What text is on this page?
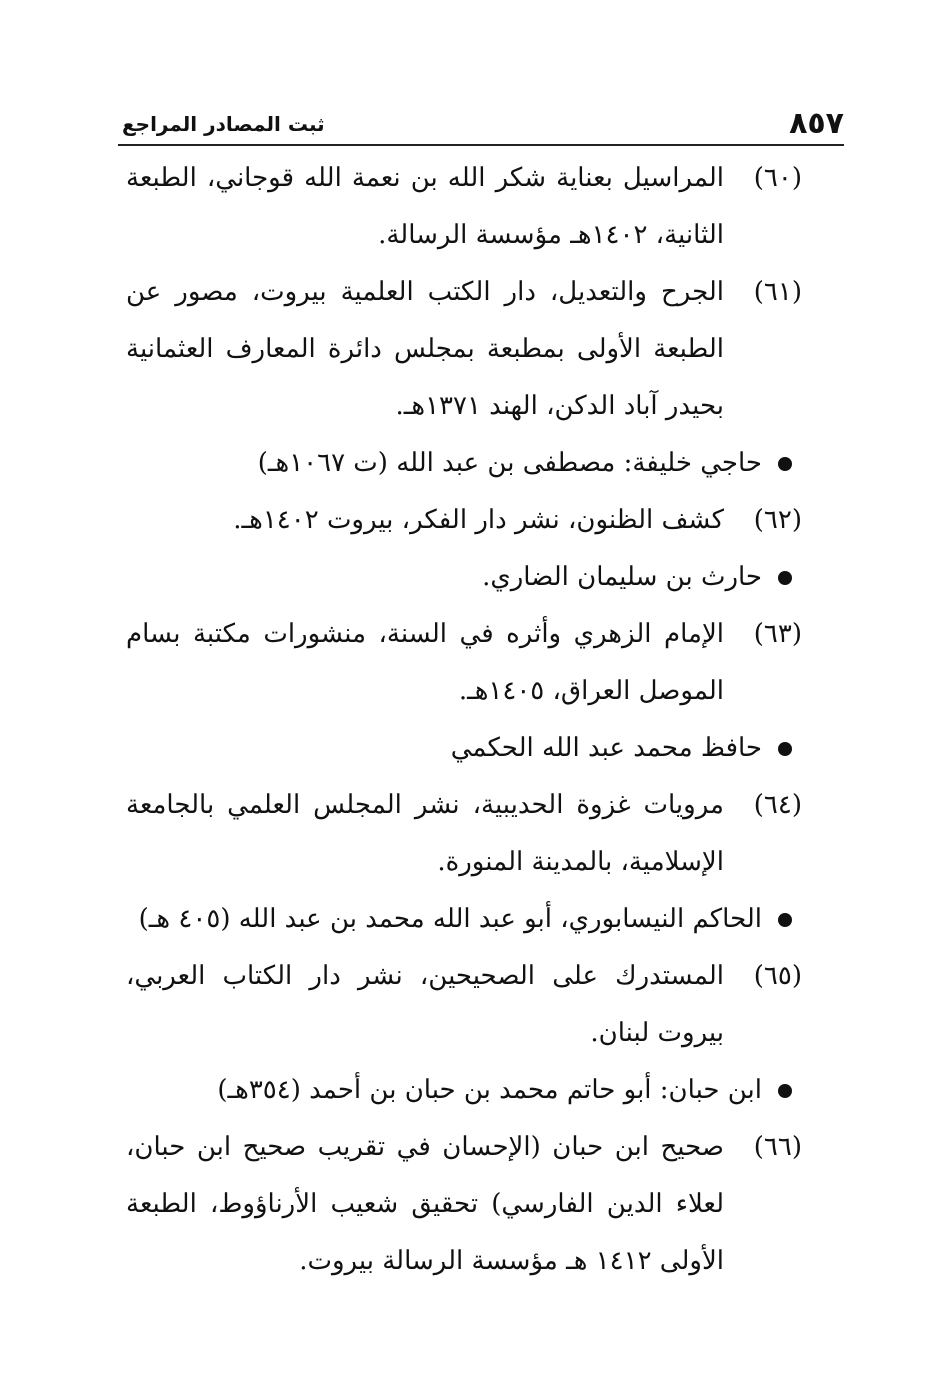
٨٥٧
ثبت المصادر المراجع
(٦٠)
المراسيل بعناية شكر الله بن نعمة الله قوجاني، الطبعة الثانية، ١٤٠٢هـ مؤسسة الرسالة.
(٦١)
الجرح والتعديل، دار الكتب العلمية بيروت، مصور عن الطبعة الأولى بمطبعة بمجلس دائرة المعارف العثمانية بحيدر آباد الدكن، الهند ١٣٧١هـ.
حاجي خليفة: مصطفى بن عبد الله (ت ١٠٦٧هـ)
(٦٢)
كشف الظنون، نشر دار الفكر، بيروت ١٤٠٢هـ.
حارث بن سليمان الضاري.
(٦٣)
الإمام الزهري وأثره في السنة، منشورات مكتبة بسام الموصل العراق، ١٤٠٥هـ.
حافظ محمد عبد الله الحكمي
(٦٤)
مرويات غزوة الحديبية، نشر المجلس العلمي بالجامعة الإسلامية، بالمدينة المنورة.
الحاكم النيسابوري، أبو عبد الله محمد بن عبد الله (٤٠٥ هـ)
(٦٥)
المستدرك على الصحيحين، نشر دار الكتاب العربي، بيروت لبنان.
ابن حبان: أبو حاتم محمد بن حبان بن أحمد (٣٥٤هـ)
(٦٦)
صحيح ابن حبان (الإحسان في تقريب صحيح ابن حبان، لعلاء الدين الفارسي) تحقيق شعيب الأرناؤوط، الطبعة الأولى ١٤١٢ هـ مؤسسة الرسالة بيروت.
